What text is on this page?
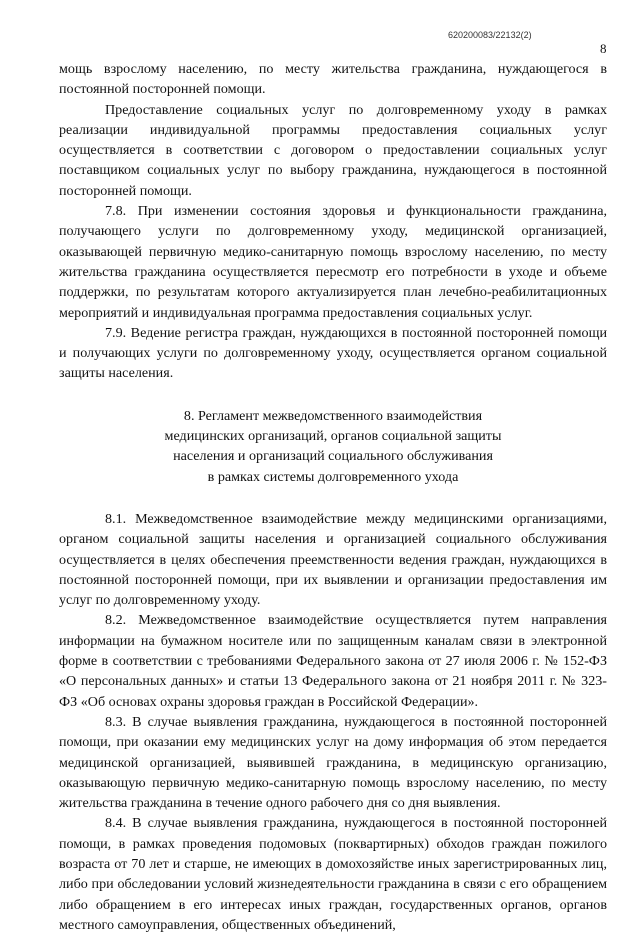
620200083/22132(2)
8

мощь взрослому населению, по месту жительства гражданина, нуждающегося в постоянной посторонней помощи.

Предоставление социальных услуг по долговременному уходу в рамках реализации индивидуальной программы предоставления социальных услуг осуществляется в соответствии с договором о предоставлении социальных услуг поставщиком социальных услуг по выбору гражданина, нуждающегося в постоянной посторонней помощи.

7.8. При изменении состояния здоровья и функциональности гражданина, получающего услуги по долговременному уходу, медицинской организацией, оказывающей первичную медико-санитарную помощь взрослому населению, по месту жительства гражданина осуществляется пересмотр его потребности в уходе и объеме поддержки, по результатам которого актуализируется план лечебно-реабилитационных мероприятий и индивидуальная программа предоставления социальных услуг.

7.9. Ведение регистра граждан, нуждающихся в постоянной посторонней помощи и получающих услуги по долговременному уходу, осуществляется органом социальной защиты населения.

8. Регламент межведомственного взаимодействия
медицинских организаций, органов социальной защиты
населения и организаций социального обслуживания
в рамках системы долговременного ухода

8.1. Межведомственное взаимодействие между медицинскими организациями, органом социальной защиты населения и организацией социального обслуживания осуществляется в целях обеспечения преемственности ведения граждан, нуждающихся в постоянной посторонней помощи, при их выявлении и организации предоставления им услуг по долговременному уходу.

8.2. Межведомственное взаимодействие осуществляется путем направления информации на бумажном носителе или по защищенным каналам связи в электронной форме в соответствии с требованиями Федерального закона от 27 июля 2006 г. № 152-ФЗ «О персональных данных» и статьи 13 Федерального закона от 21 ноября 2011 г. № 323-ФЗ «Об основах охраны здоровья граждан в Российской Федерации».

8.3. В случае выявления гражданина, нуждающегося в постоянной посторонней помощи, при оказании ему медицинских услуг на дому информация об этом передается медицинской организацией, выявившей гражданина, в медицинскую организацию, оказывающую первичную медико-санитарную помощь взрослому населению, по месту жительства гражданина в течение одного рабочего дня со дня выявления.

8.4. В случае выявления гражданина, нуждающегося в постоянной посторонней помощи, в рамках проведения подомовых (поквартирных) обходов граждан пожилого возраста от 70 лет и старше, не имеющих в домохозяйстве иных зарегистрированных лиц, либо при обследовании условий жизнедеятельности гражданина в связи с его обращением либо обращением в его интересах иных граждан, государственных органов, органов местного самоуправления, общественных объединений,
